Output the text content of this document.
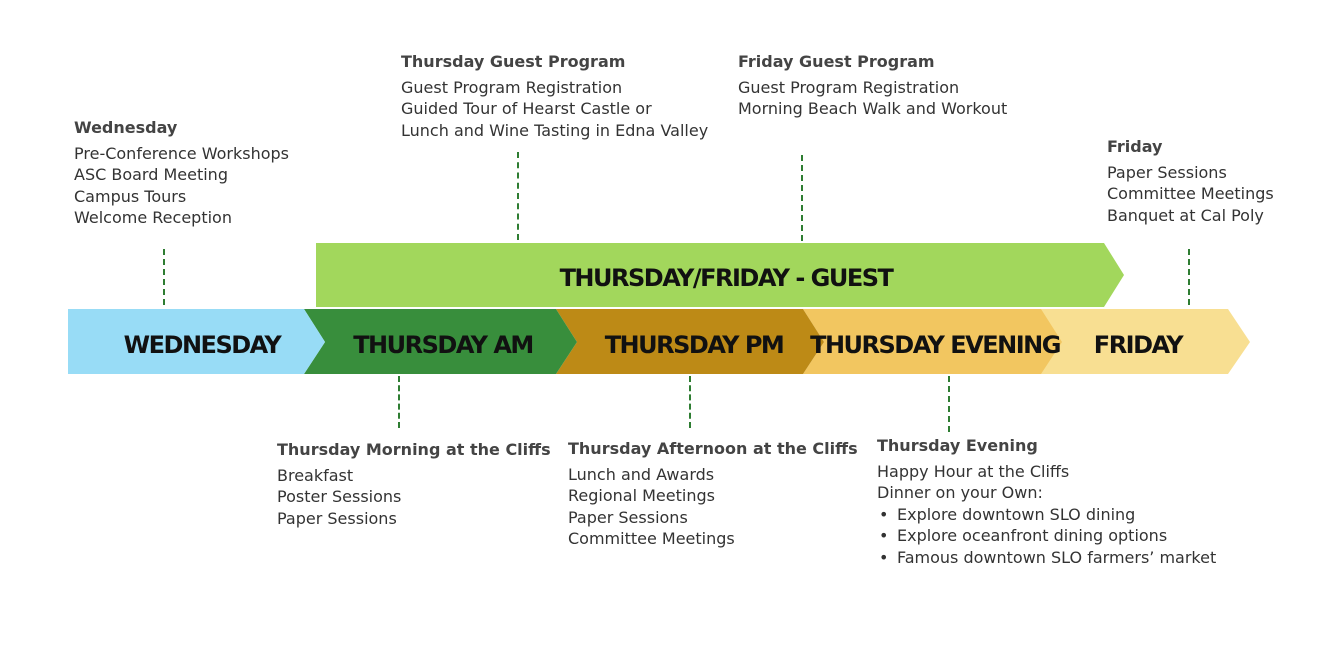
THURSDAY/FRIDAY - GUEST
WEDNESDAY	THURSDAY AM	THURSDAY PM THURSDAY EVENING FRIDAY
Wednesday
Pre-Conference Workshops
ASC Board Meeting
Campus Tours
Welcome Reception
Thursday Guest Program
Guest Program Registration
Guided Tour of Hearst Castle or
Lunch and Wine Tasting in Edna Valley
Friday Guest Program
Guest Program Registration
Morning Beach Walk and Workout
Friday
Paper Sessions
Committee Meetings
Banquet at Cal Poly
Thursday Morning at the Cliffs
Breakfast
Poster Sessions
Paper Sessions
Thursday Afternoon at the Cliffs
Lunch and Awards
Regional Meetings
Paper Sessions
Committee Meetings
Thursday Evening
Happy Hour at the Cliffs
Dinner on your Own:
• Explore downtown SLO dining
• Explore oceanfront dining options
• Famous downtown SLO farmers’ market
